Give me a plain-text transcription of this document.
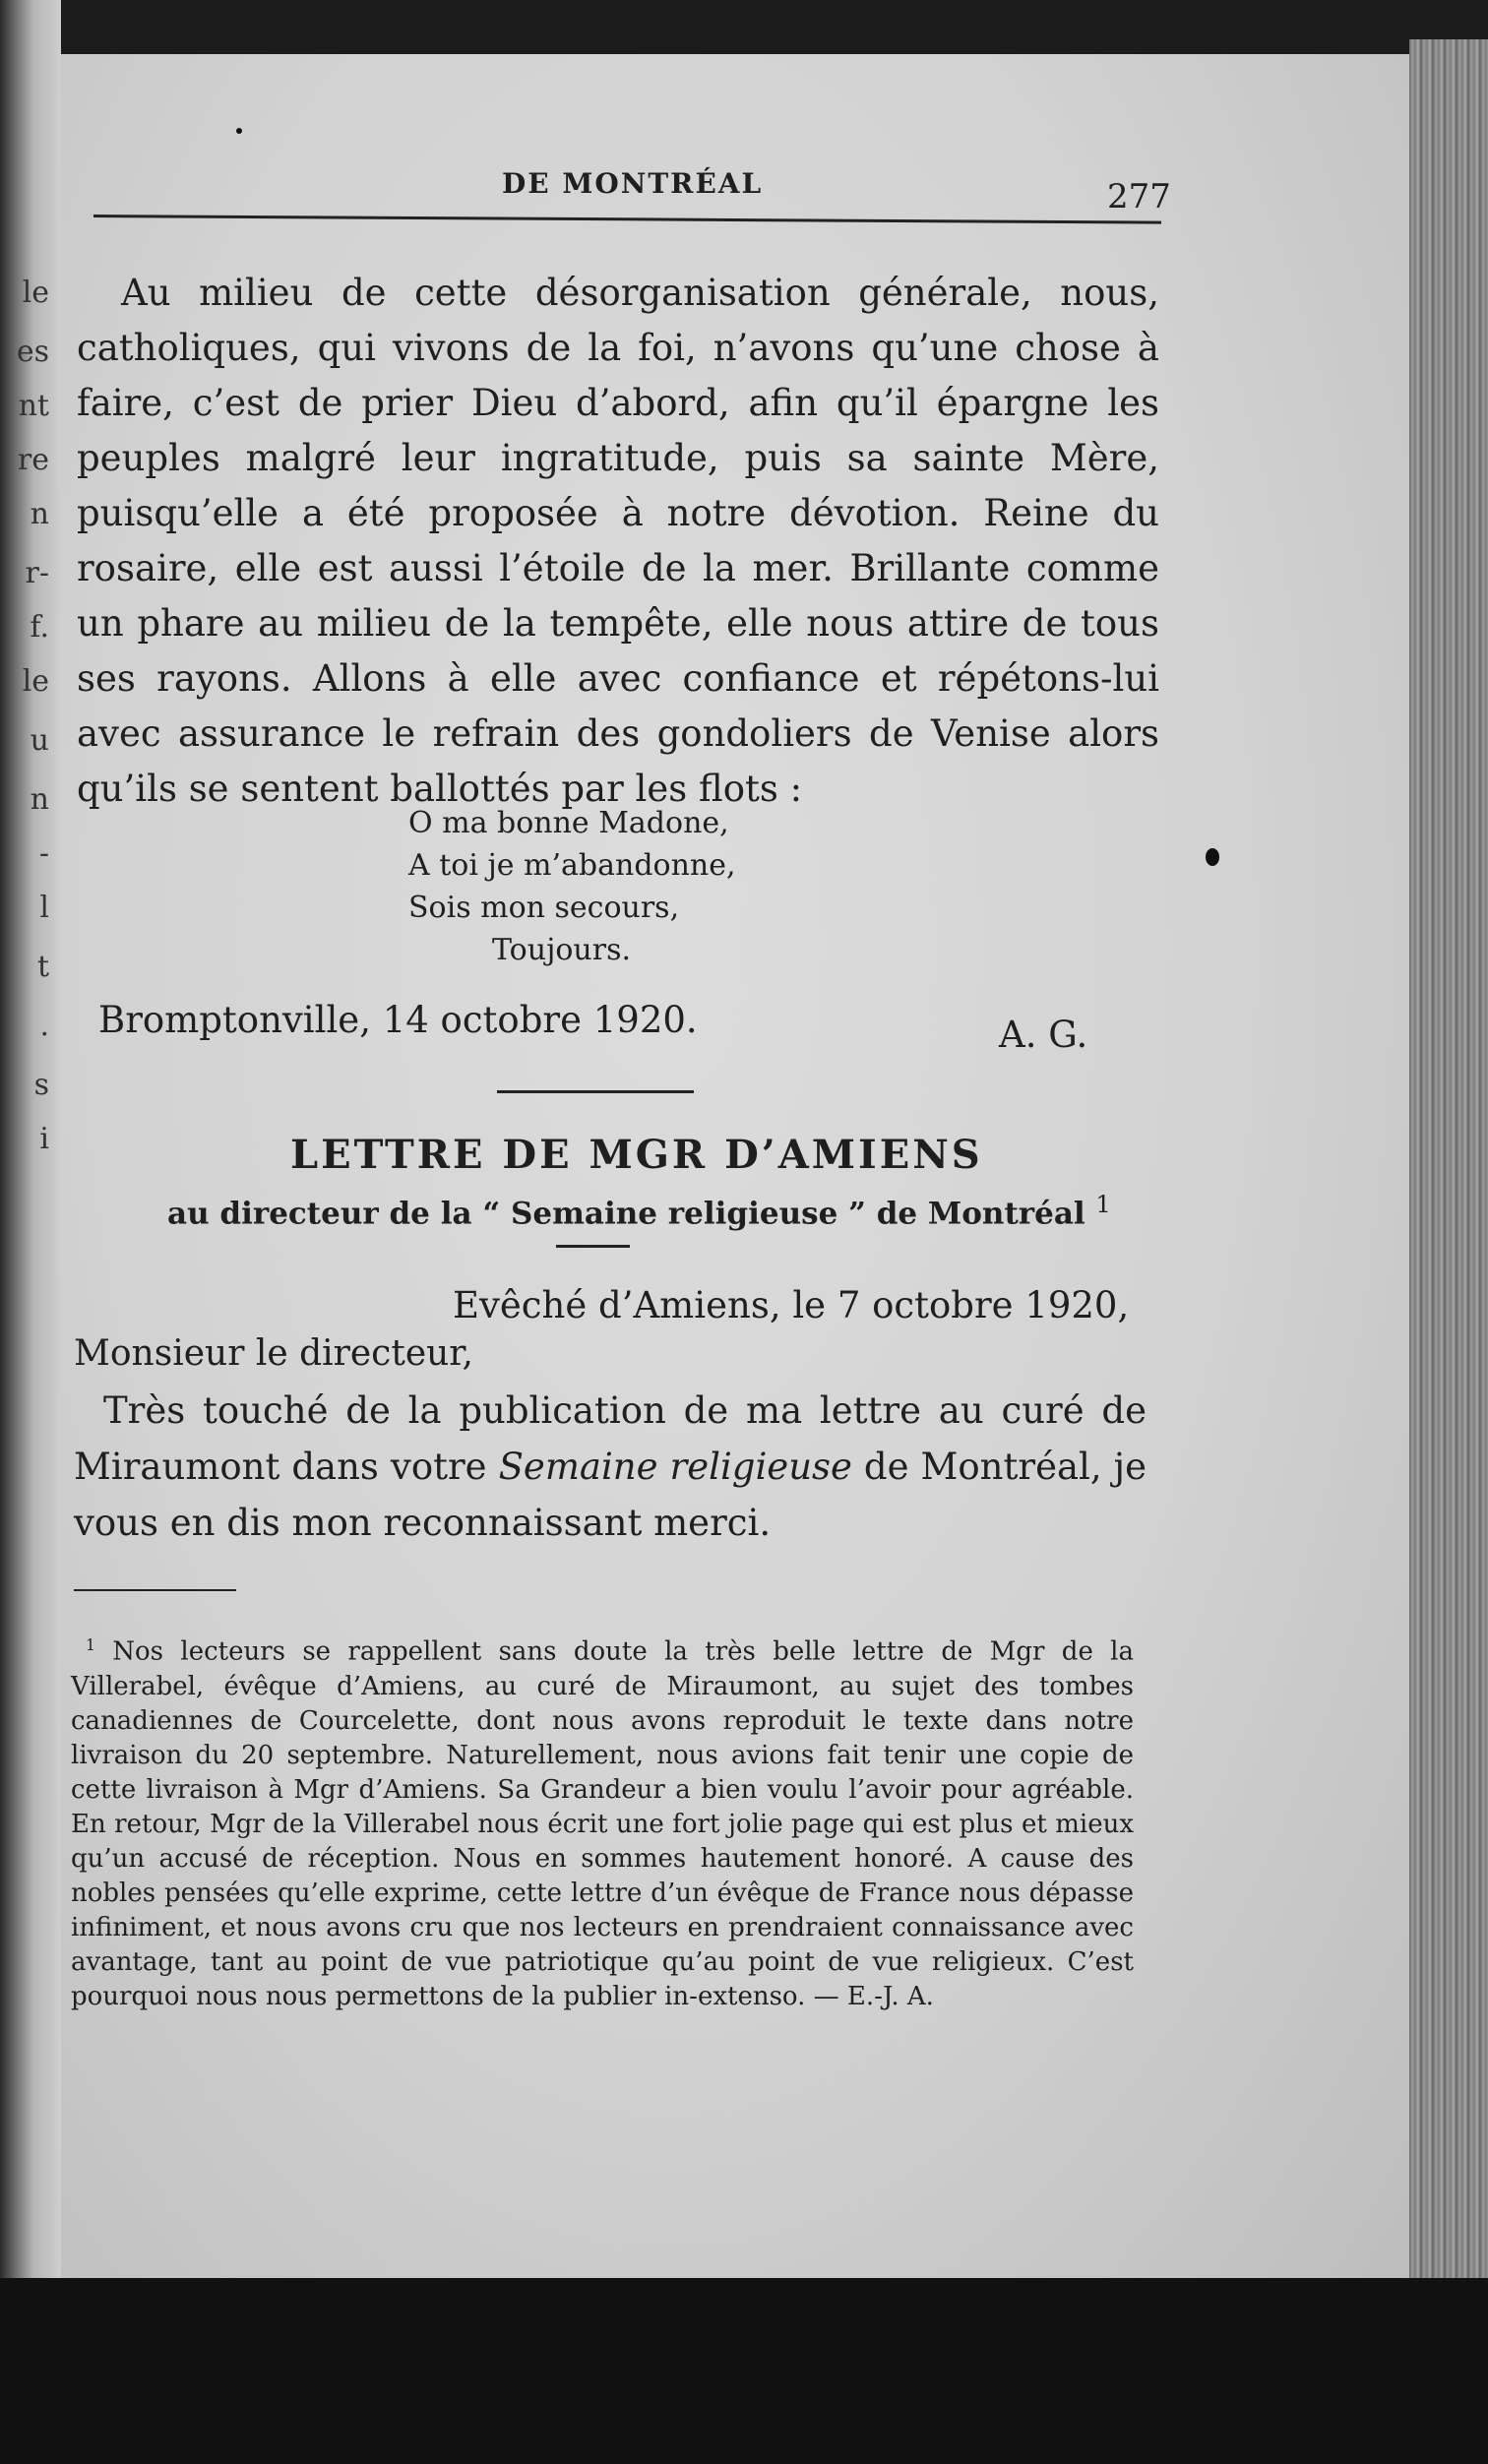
le
es
nt
re
n
r-
f.
le
u
n
-
l
t
.
s
i
DE MONTRÉAL	277

Au milieu de cette désorganisation générale, nous, catholiques, qui vivons de la foi, n’avons qu’une chose à faire, c’est de prier Dieu d’abord, afin qu’il épargne les peuples malgré leur ingratitude, puis sa sainte Mère, puisqu’elle a été proposée à notre dévotion. Reine du rosaire, elle est aussi l’étoile de la mer. Brillante comme un phare au milieu de la tempête, elle nous attire de tous ses rayons. Allons à elle avec confiance et répétons-lui avec assurance le refrain des gondoliers de Venise alors qu’ils se sentent ballottés par les flots :

O ma bonne Madone,
A toi je m’abandonne,
Sois mon secours,
Toujours.
Bromptonville, 14 octobre 1920.	A. G.
LETTRE DE MGR D’AMIENS
au directeur de la “ Semaine religieuse ” de Montréal $^1$
Evêché d’Amiens, le 7 octobre 1920,
Monsieur le directeur,

Très touché de la publication de ma lettre au curé de Miraumont dans votre Semaine religieuse de Montréal, je vous en dis mon reconnaissant merci.

$^1$ Nos lecteurs se rappellent sans doute la très belle lettre de Mgr de la Villerabel, évêque d’Amiens, au curé de Miraumont, au sujet des tombes canadiennes de Courcelette, dont nous avons reproduit le texte dans notre livraison du 20 septembre. Naturellement, nous avions fait tenir une copie de cette livraison à Mgr d’Amiens. Sa Grandeur a bien voulu l’avoir pour agréable. En retour, Mgr de la Villerabel nous écrit une fort jolie page qui est plus et mieux qu’un accusé de réception. Nous en sommes hautement honoré. A cause des nobles pensées qu’elle exprime, cette lettre d’un évêque de France nous dépasse infiniment, et nous avons cru que nos lecteurs en prendraient connaissance avec avantage, tant au point de vue patriotique qu’au point de vue religieux. C’est pourquoi nous nous permettons de la publier in-extenso. — E.-J. A.
